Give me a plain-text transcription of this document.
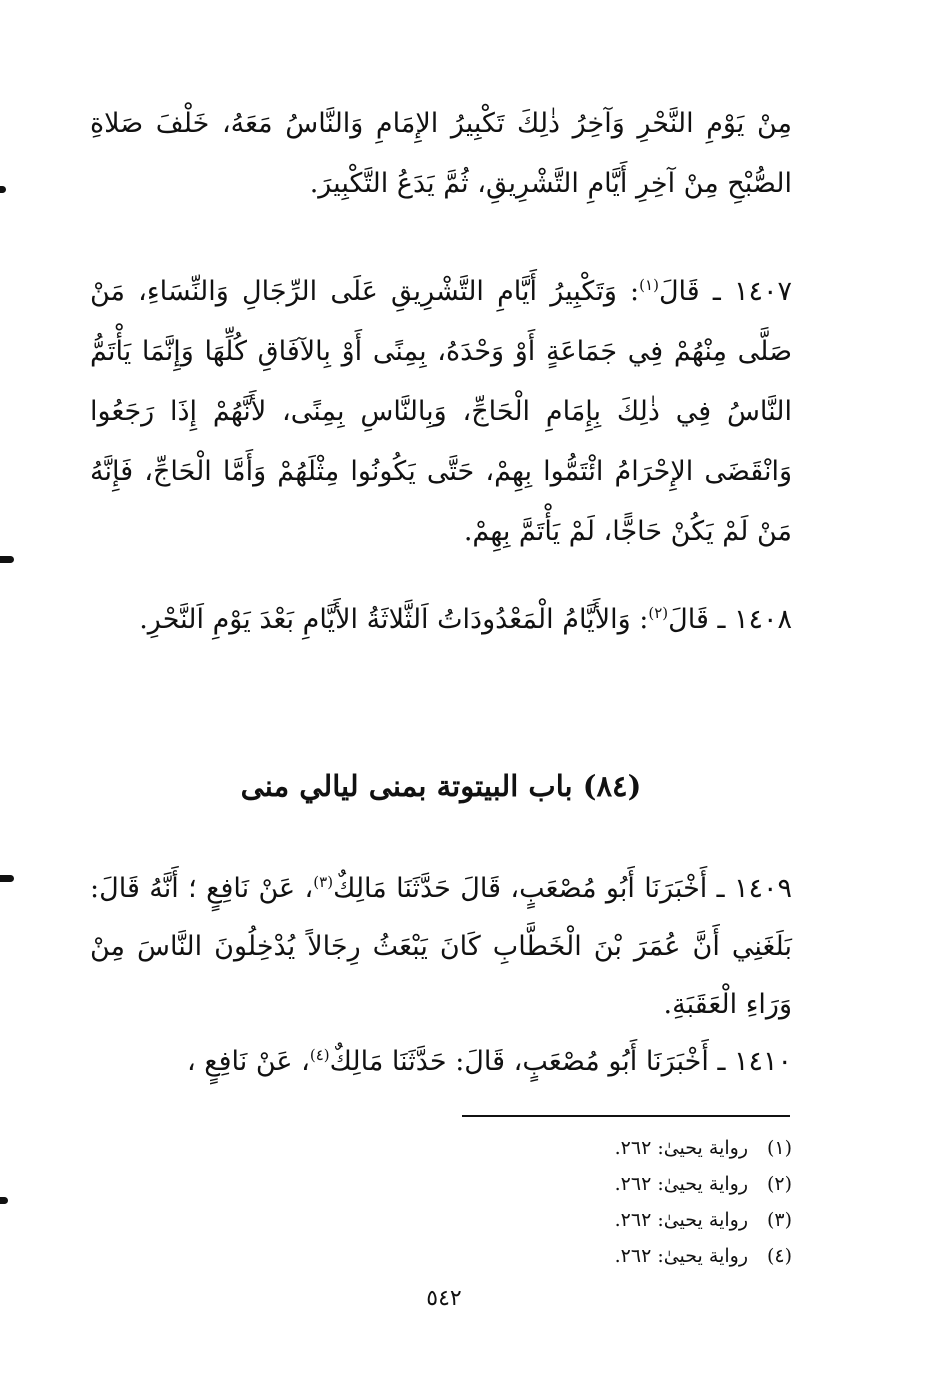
مِنْ يَوْمِ النَّحْرِ وَآخِرُ ذٰلِكَ تَكْبِيرُ الإِمَامِ وَالنَّاسُ مَعَهُ، خَلْفَ صَلاةِ الصُّبْحِ مِنْ آخِرِ أَيَّامِ التَّشْرِيقِ، ثُمَّ يَدَعُ التَّكْبِيرَ.

١٤٠٧ ـ قَالَ$^{(١)}$: وَتَكْبِيرُ أَيَّامِ التَّشْرِيقِ عَلَى الرِّجَالِ وَالنِّسَاءِ، مَنْ صَلَّى مِنْهُمْ فِي جَمَاعَةٍ أَوْ وَحْدَهُ، بِمِنًى أَوْ بِالآفَاقِ كُلِّهَا وَإِنَّمَا يَأْتَمُّ النَّاسُ فِي ذٰلِكَ بِإِمَامِ الْحَاجِّ، وَبِالنَّاسِ بِمِنًى، لأَنَّهُمْ إِذَا رَجَعُوا وَانْقَضَى الإِحْرَامُ ائْتَمُّوا بِهِمْ، حَتَّى يَكُونُوا مِثْلَهُمْ وَأَمَّا الْحَاجِّ، فَإِنَّهُ مَنْ لَمْ يَكُنْ حَاجًّا، لَمْ يَأْتَمَّ بِهِمْ.

١٤٠٨ ـ قَالَ$^{(٢)}$: وَالأَيَّامُ الْمَعْدُودَاتُ اَلثَّلاثَةُ الأَيَّامِ بَعْدَ يَوْمِ اَلنَّحْرِ.

(٨٤) باب البيتوتة بمنى ليالي منى

١٤٠٩ ـ أَخْبَرَنَا أَبُو مُصْعَبٍ، قَالَ حَدَّثَنَا مَالِكٌ$^{(٣)}$، عَنْ نَافِعٍ ؛ أَنَّهُ قَالَ: بَلَغَنِي أَنَّ عُمَرَ بْنَ الْخَطَّابِ كَانَ يَبْعَثُ رِجَالاً يُدْخِلُونَ النَّاسَ مِنْ وَرَاءِ الْعَقَبَةِ.

١٤١٠ ـ أَخْبَرَنَا أَبُو مُصْعَبٍ، قَالَ: حَدَّثَنَا مَالِكٌ$^{(٤)}$، عَنْ نَافِعٍ ،

(١)رواية يحيىٰ: ٢٦٢.
(٢)رواية يحيىٰ: ٢٦٢.
(٣)رواية يحيىٰ: ٢٦٢.
(٤)رواية يحيىٰ: ٢٦٢.
٥٤٢
